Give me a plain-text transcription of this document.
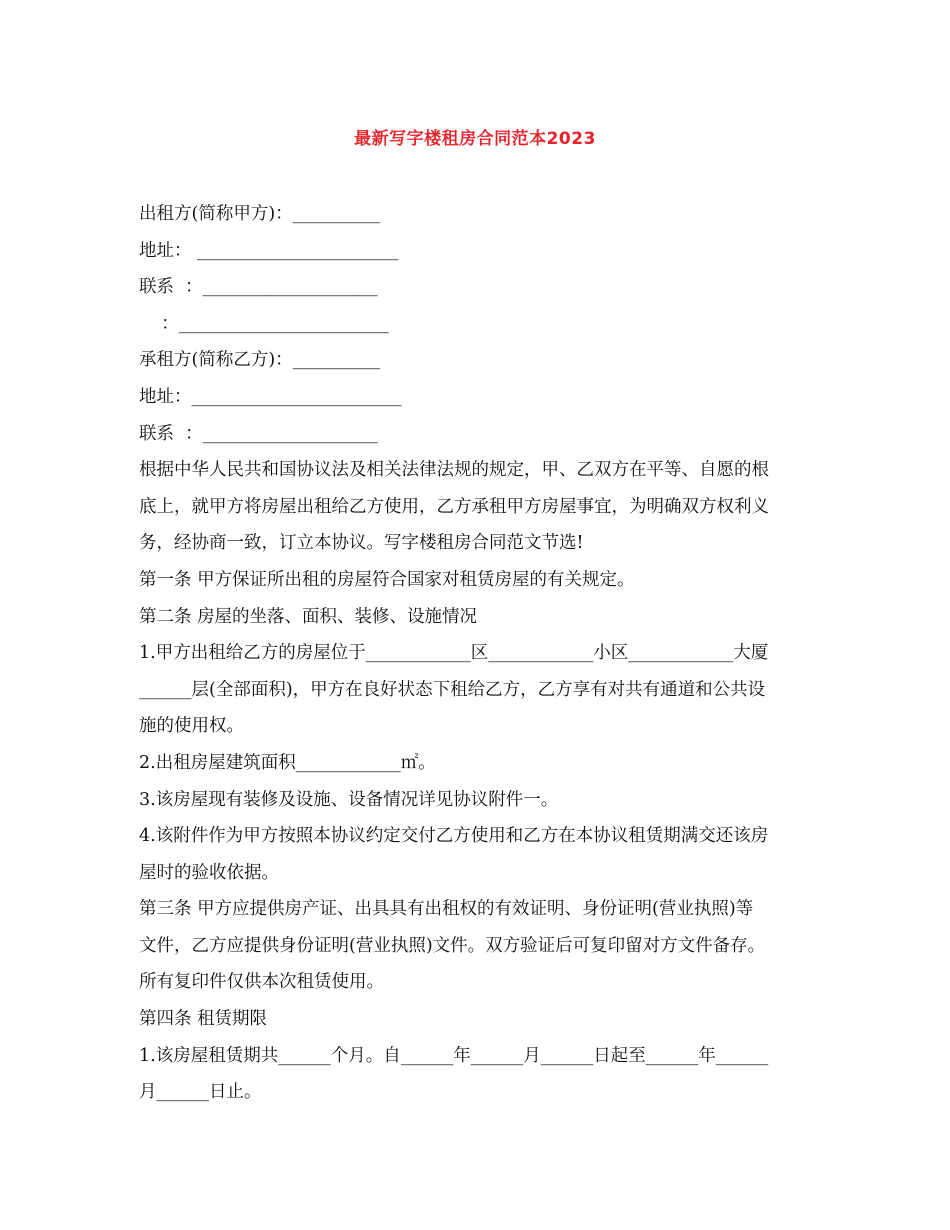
最新写字楼租房合同范本2023
出租方(简称甲方)：__________
地址： _______________________
联系  ：____________________
：________________________
承租方(简称乙方)：__________
地址：________________________
联系  ：____________________
根据中华人民共和国协议法及相关法律法规的规定，甲、乙双方在平等、自愿的根
底上，就甲方将房屋出租给乙方使用，乙方承租甲方房屋事宜，为明确双方权利义
务，经协商一致，订立本协议。写字楼租房合同范文节选!
第一条 甲方保证所出租的房屋符合国家对租赁房屋的有关规定。
第二条 房屋的坐落、面积、装修、设施情况
1.甲方出租给乙方的房屋位于____________区____________小区____________大厦
______层(全部面积)，甲方在良好状态下租给乙方，乙方享有对共有通道和公共设
施的使用权。
2.出租房屋建筑面积____________㎡。
3.该房屋现有装修及设施、设备情况详见协议附件一。
4.该附件作为甲方按照本协议约定交付乙方使用和乙方在本协议租赁期满交还该房
屋时的验收依据。
第三条 甲方应提供房产证、出具具有出租权的有效证明、身份证明(营业执照)等
文件，乙方应提供身份证明(营业执照)文件。双方验证后可复印留对方文件备存。
所有复印件仅供本次租赁使用。
第四条 租赁期限
1.该房屋租赁期共______个月。自______年______月______日起至______年______
月______日止。
